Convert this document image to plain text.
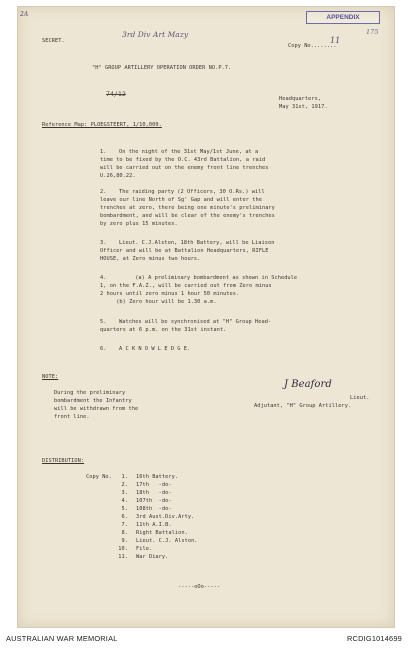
2A
SECRET.
3rd Div Art Mazy
APPENDIX
175
Copy No........
11
"H" GROUP ARTILLERY OPERATION ORDER NO.P.7.
74/12
Headquarters,
May 31st, 1917.
Reference Map: PLOEGSTEERT, 1/10,000.
1. On the night of the 31st May/1st June, at a
time to be fixed by the O.C. 43rd Battalion, a raid
will be carried out on the enemy front line trenches
U.26,80.22.
2. The raiding party (2 Officers, 30 O.Rs.) will
leave our line North of Sg' Gap and will enter the
trenches at zero, there being one minute's preliminary
bombardment, and will be clear of the enemy's trenches
by zero plus 15 minutes.
3. Lieut. C.J.Alston, 18th Battery, will be Liaison
Officer and will be at Battalion Headquarters, RIFLE
HOUSE, at Zero minus two hours.
4. (a) A preliminary bombardment as shown in Schedule
1, on the F.A.Z., will be carried out from Zero minus
2 hours until zero minus 1 hour 50 minutes.
(b) Zero hour will be 1.30 a.m.
5. Watches will be synchronised at "H" Group Head-
quarters at 6 p.m. on the 31st instant.
6. A C K N O W L E D G E.
NOTE:
During the preliminary
bombardment the Infantry
will be withdrawn from the
front line.
J Beaford
Lieut.
Adjutant, "H" Group Artillery.
DISTRIBUTION:
Copy No.	1. 16th Battery.
2. 17th   -do-
3. 18th   -do-
4. 107th  -do-
5. 108th  -do-
6. 3rd Aust.Div.Arty.
7. 11th A.I.B.
8. Right Battalion.
9. Lieut. C.J. Alston.
10. File.
11. War Diary.
-----oOo-----
AUSTRALIAN WAR MEMORIAL	RCDIG1014699
